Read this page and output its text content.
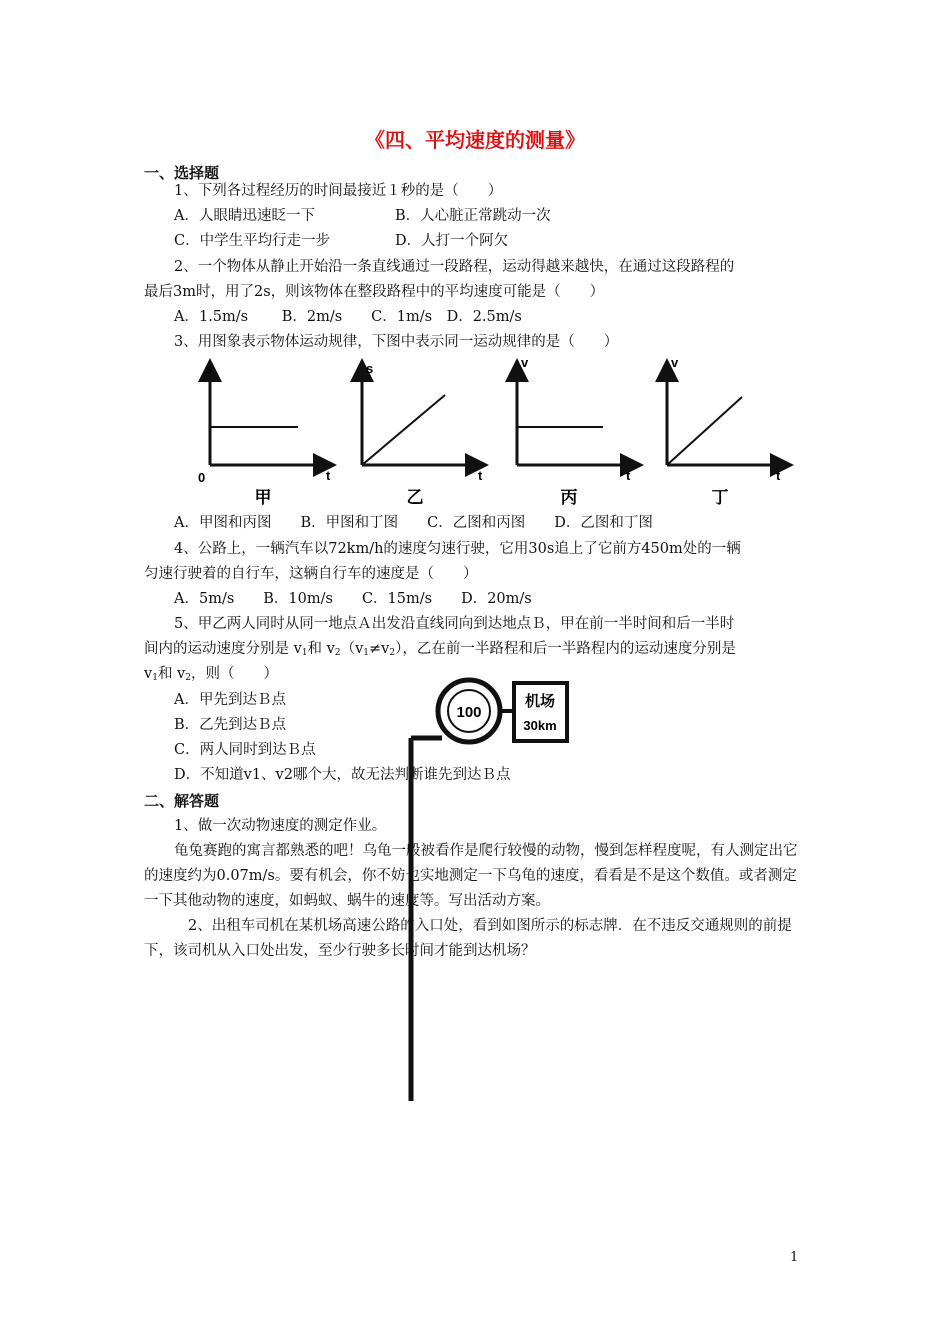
《四、平均速度的测量》
一、选择题
1、下列各过程经历的时间最接近１秒的是（　　）
A．人眼睛迅速眨一下	B．人心脏正常跳动一次
C．中学生平均行走一步	D．人打一个阿欠
2、一个物体从静止开始沿一条直线通过一段路程，运动得越来越快，在通过这段路程的
最后3m时，用了2s，则该物体在整段路程中的平均速度可能是（　　）
A．1.5m/s　　 B．2m/s　　C．1m/s　D．2.5m/s
3、用图象表示物体运动规律，下图中表示同一运动规律的是（　　）
s
t
0
甲
s
t
乙
v
t
丙
v
t
丁
A．甲图和丙图　　B．甲图和丁图　　C．乙图和丙图　　D．乙图和丁图
4、公路上，一辆汽车以72km/h的速度匀速行驶，它用30s追上了它前方450m处的一辆
匀速行驶着的自行车，这辆自行车的速度是（　　）
A．5m/s　　B．10m/s　　C．15m/s　　D．20m/s
5、甲乙两人同时从同一地点Ａ出发沿直线同向到达地点Ｂ，甲在前一半时间和后一半时
间内的运动速度分别是 $v_1$和 $v_2(v_1\ne v_2)$，乙在前一半路程和后一半路程内的运动速度分别是
$v_1$和 $v_2$，则（　　）
A．甲先到达Ｂ点
B．乙先到达Ｂ点
C．两人同时到达Ｂ点
D．不知道v1、v2哪个大，故无法判断谁先到达Ｂ点
二、解答题
1、做一次动物速度的测定作业。
龟兔赛跑的寓言都熟悉的吧！乌龟一般被看作是爬行较慢的动物，慢到怎样程度呢，有人测定出它的速度约为0.07m/s。要有机会，你不妨也实地测定一下乌龟的速度，看看是不是这个数值。或者测定一下其他动物的速度，如蚂蚁、蜗牛的速度等。写出活动方案。
2、出租车司机在某机场高速公路的入口处，看到如图所示的标志牌．在不违反交通规则的前提下，该司机从入口处出发，至少行驶多长时间才能到达机场？
100
机场
30km
1
